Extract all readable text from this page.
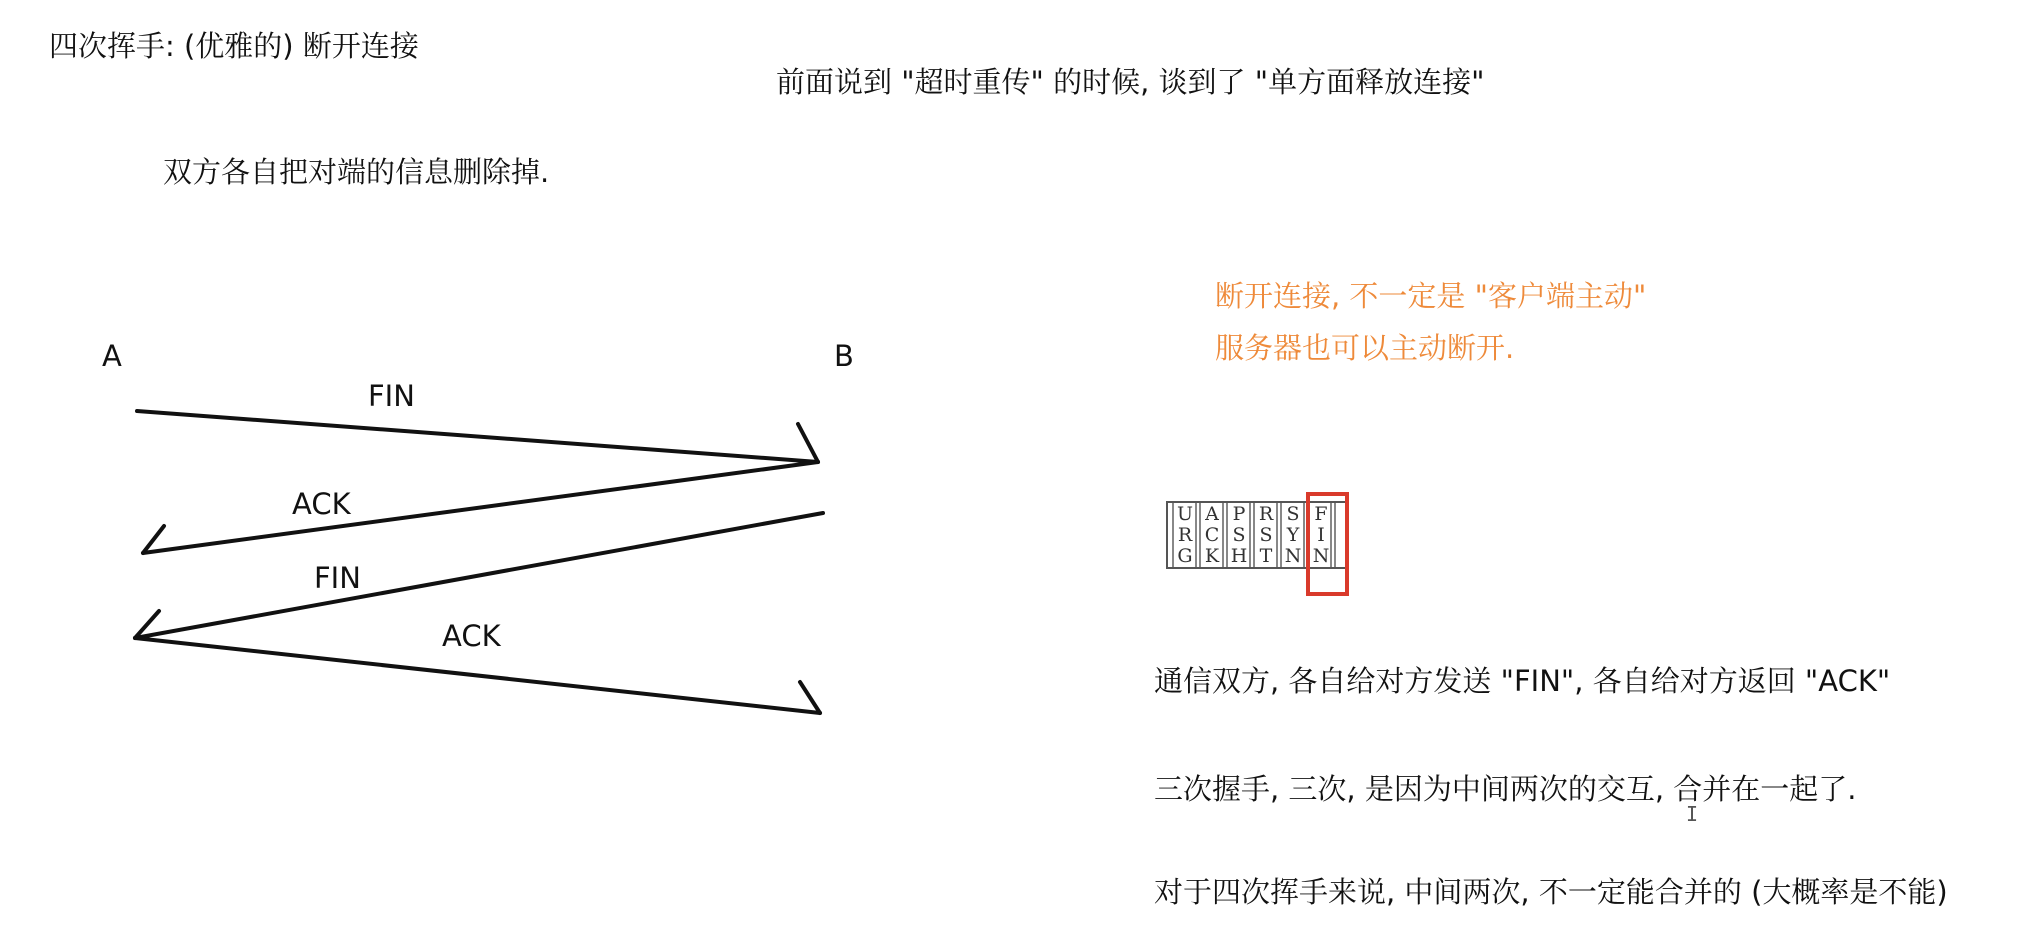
四次挥手: (优雅的) 断开连接
前面说到 "超时重传" 的时候, 谈到了 "单方面释放连接"
双方各自把对端的信息删除掉.
断开连接, 不一定是 "客户端主动"
服务器也可以主动断开.
A	B
FIN
ACK
FIN
ACK
U
R
G
A
C
K
P
S
H
R
S
T
S
Y
N
F
I
N
通信双方, 各自给对方发送 "FIN", 各自给对方返回 "ACK"
三次握手, 三次, 是因为中间两次的交互, 合并在一起了.
对于四次挥手来说, 中间两次, 不一定能合并的 (大概率是不能)
I
